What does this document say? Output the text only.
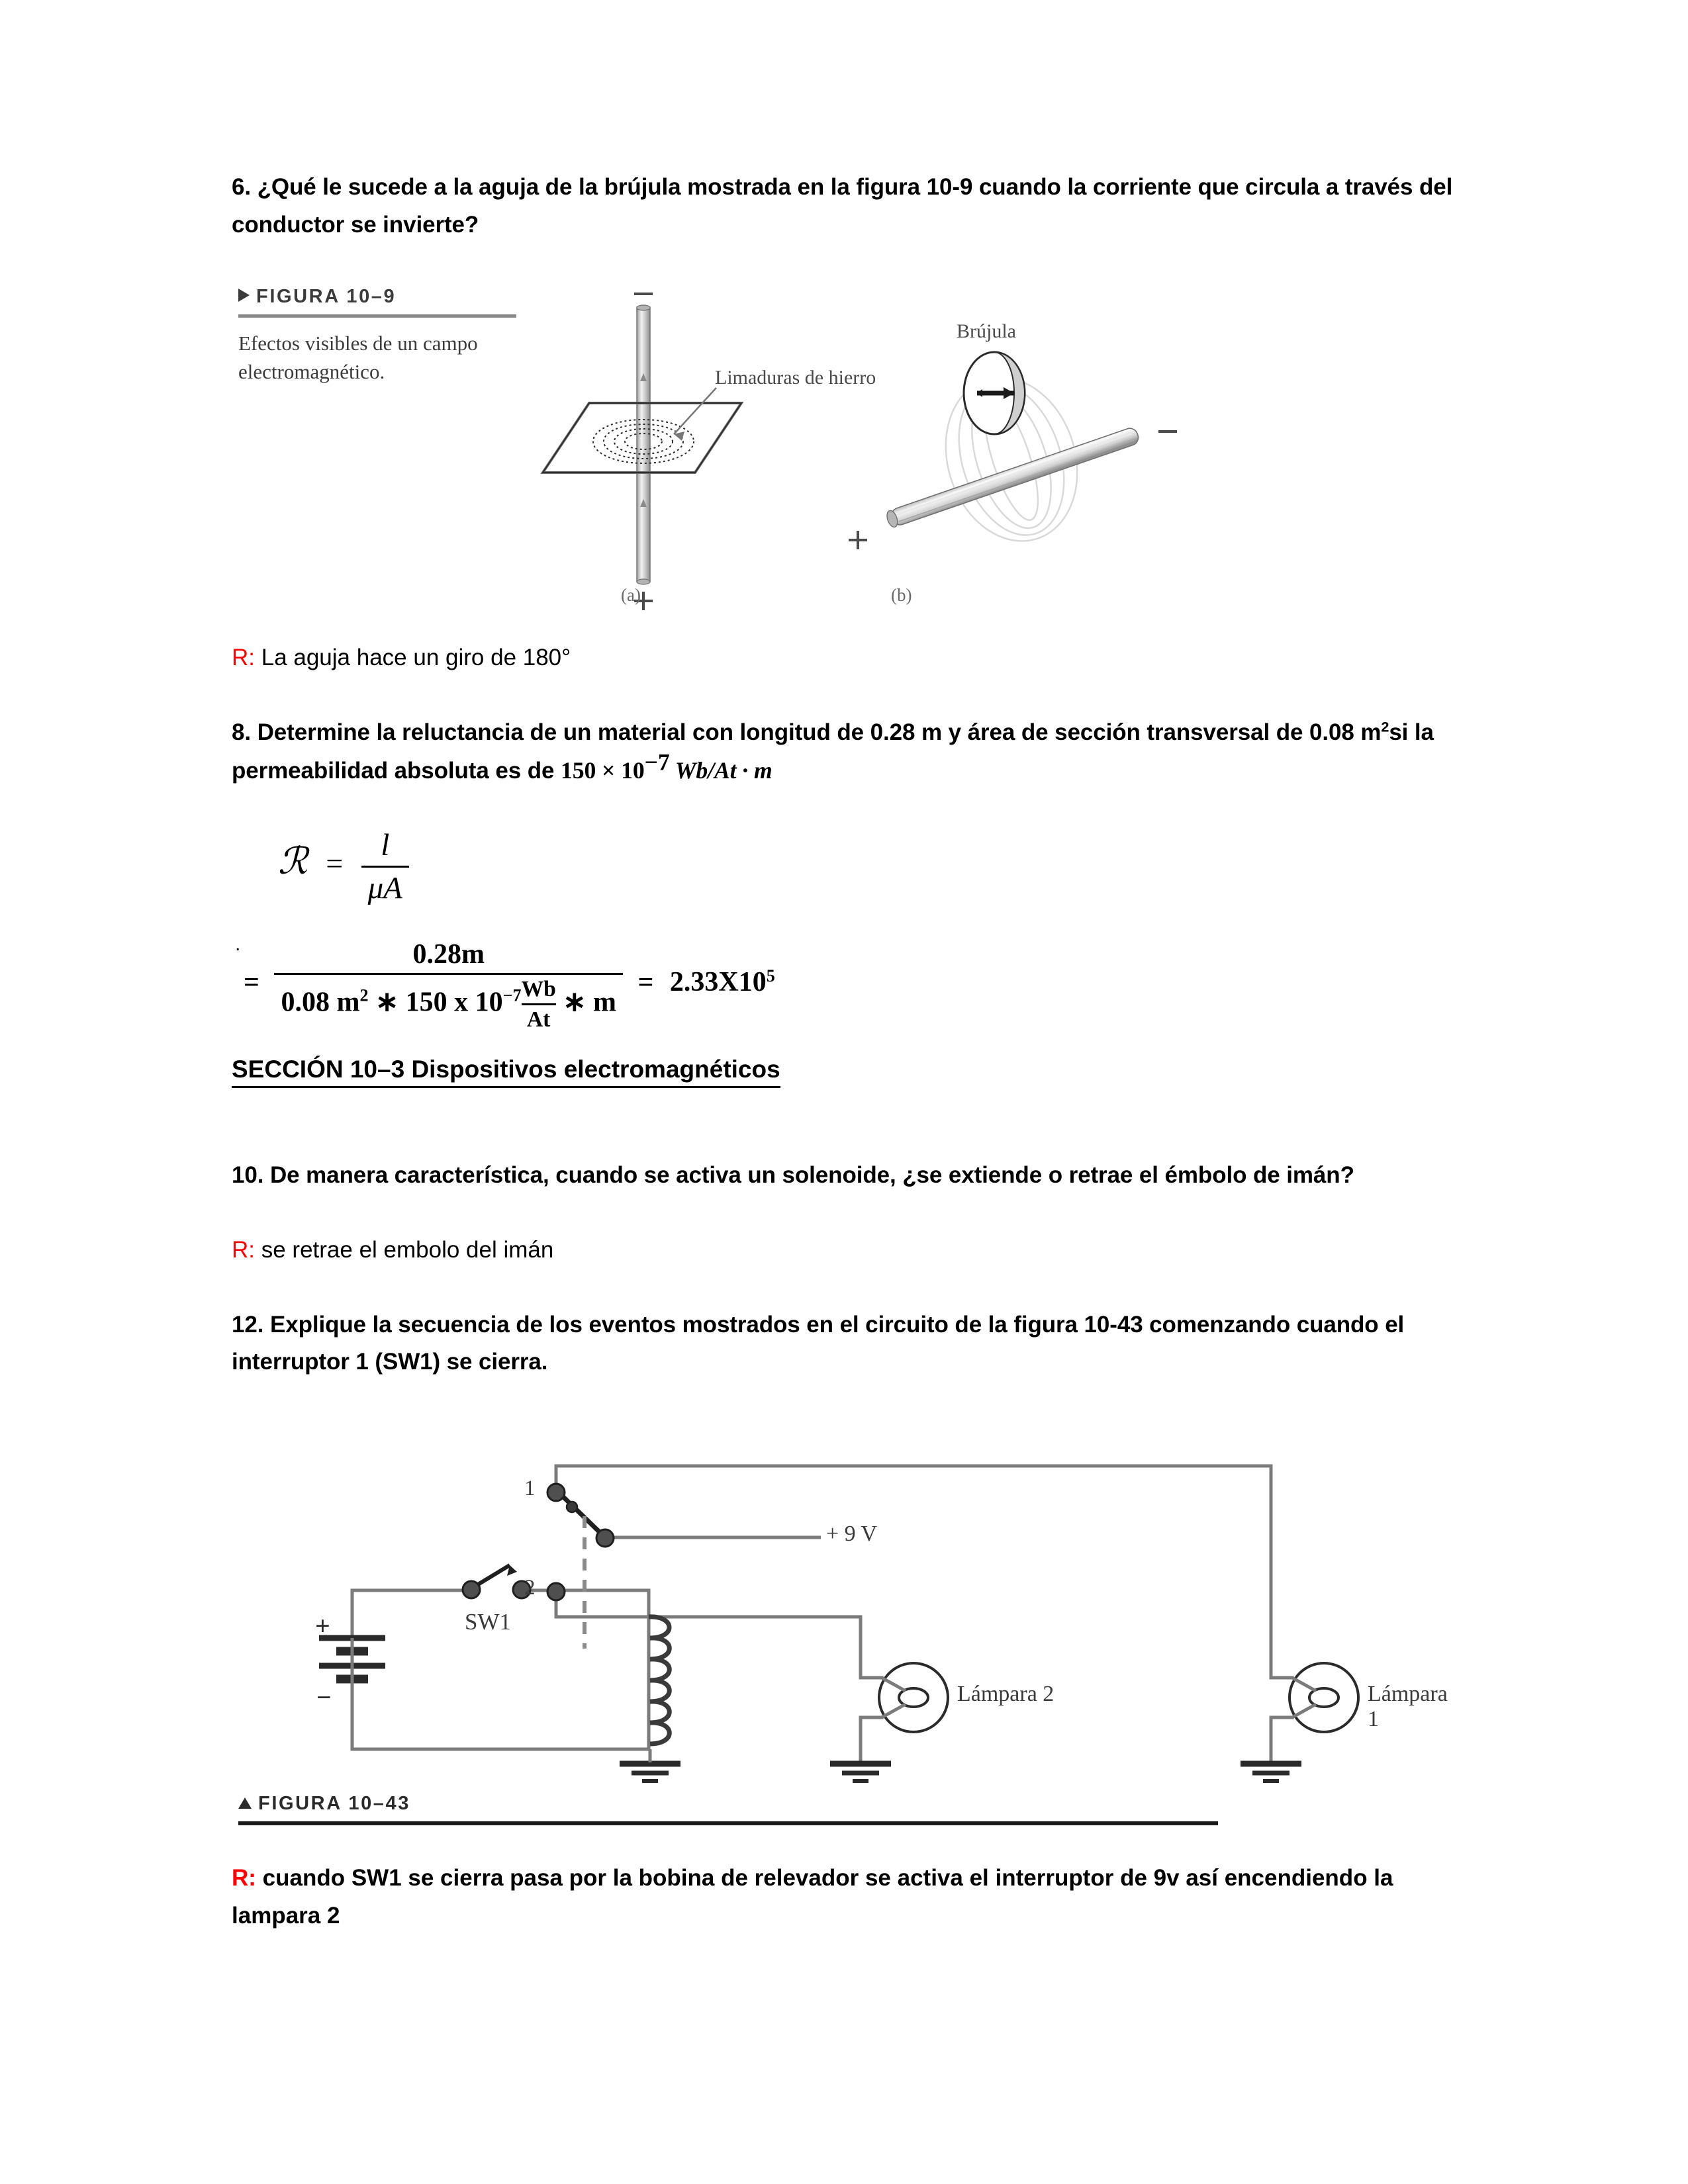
6. ¿Qué le sucede a la aguja de la brújula mostrada en la figura 10-9 cuando la corriente que circula a través del conductor se invierte?

FIGURA 10–9
Efectos visibles de un campo electromagnético.	Limaduras de hierro
Brújula
(a)	(b)

R: La aguja hace un giro de 180°

8. Determine la reluctancia de un material con longitud de 0.28 m y área de sección transversal de 0.08 $m^2si$ la permeabilidad absoluta es de 150 × 10−7 Wb/At · m

ℛ = $\frac{l}{\mu A}$
.
= $\frac{0.28m}{0.08 m^2 ∗ 150 x 10^{-7}\frac{Wb}{At} ∗ m} = 2.33X10^5$
SECCIÓN 10–3 Dispositivos electromagnéticos

10. De manera característica, cuando se activa un solenoide, ¿se extiende o retrae el émbolo de imán?

R: se retrae el embolo del imán

12. Explique la secuencia de los eventos mostrados en el circuito de la figura 10-43 comenzando cuando el interruptor 1 (SW1) se cierra.

1
2
+ 9 V
SW1
+
−	Lámpara 2	Lámpara 1
FIGURA 10–43

R: cuando SW1 se cierra pasa por la bobina de relevador se activa el interruptor de 9v así encendiendo la lampara 2
